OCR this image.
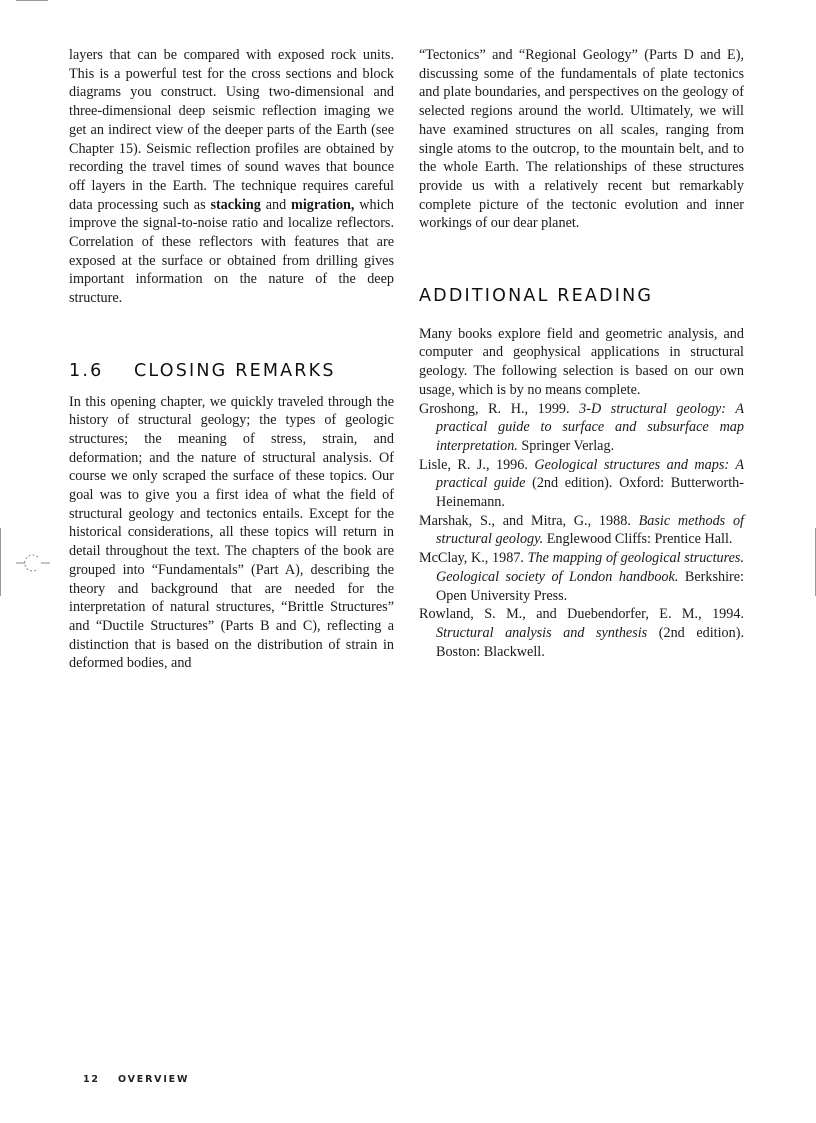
layers that can be compared with exposed rock units. This is a powerful test for the cross sections and block diagrams you construct. Using two-dimensional and three-dimensional deep seismic reflection imaging we get an indirect view of the deeper parts of the Earth (see Chapter 15). Seismic reflection profiles are obtained by recording the travel times of sound waves that bounce off layers in the Earth. The technique requires careful data processing such as stacking and migration, which improve the signal-to-noise ratio and localize reflectors. Correlation of these reflectors with features that are exposed at the surface or obtained from drilling gives important information on the nature of the deep structure.

1.6	CLOSING REMARKS

In this opening chapter, we quickly traveled through the history of structural geology; the types of geologic structures; the meaning of stress, strain, and deformation; and the nature of structural analysis. Of course we only scraped the surface of these topics. Our goal was to give you a first idea of what the field of structural geology and tectonics entails. Except for the historical considerations, all these topics will return in detail throughout the text. The chapters of the book are grouped into “Fundamentals” (Part A), describing the theory and background that are needed for the interpretation of natural structures, “Brittle Structures” and “Ductile Structures” (Parts B and C), reflecting a distinction that is based on the distribution of strain in deformed bodies, and

“Tectonics” and “Regional Geology” (Parts D and E), discussing some of the fundamentals of plate tectonics and plate boundaries, and perspectives on the geology of selected regions around the world. Ultimately, we will have examined structures on all scales, ranging from single atoms to the outcrop, to the mountain belt, and to the whole Earth. The relationships of these structures provide us with a relatively recent but remarkably complete picture of the tectonic evolution and inner workings of our dear planet.

ADDITIONAL READING

Many books explore field and geometric analysis, and computer and geophysical applications in structural geology. The following selection is based on our own usage, which is by no means complete.

Groshong, R. H., 1999. 3-D structural geology: A practical guide to surface and subsurface map interpretation. Springer Verlag.
Lisle, R. J., 1996. Geological structures and maps: A practical guide (2nd edition). Oxford: Butterworth-Heinemann.
Marshak, S., and Mitra, G., 1988. Basic methods of structural geology. Englewood Cliffs: Prentice Hall.
McClay, K., 1987. The mapping of geological structures. Geological society of London handbook. Berkshire: Open University Press.
Rowland, S. M., and Duebendorfer, E. M., 1994. Structural analysis and synthesis (2nd edition). Boston: Blackwell.
12	OVERVIEW
